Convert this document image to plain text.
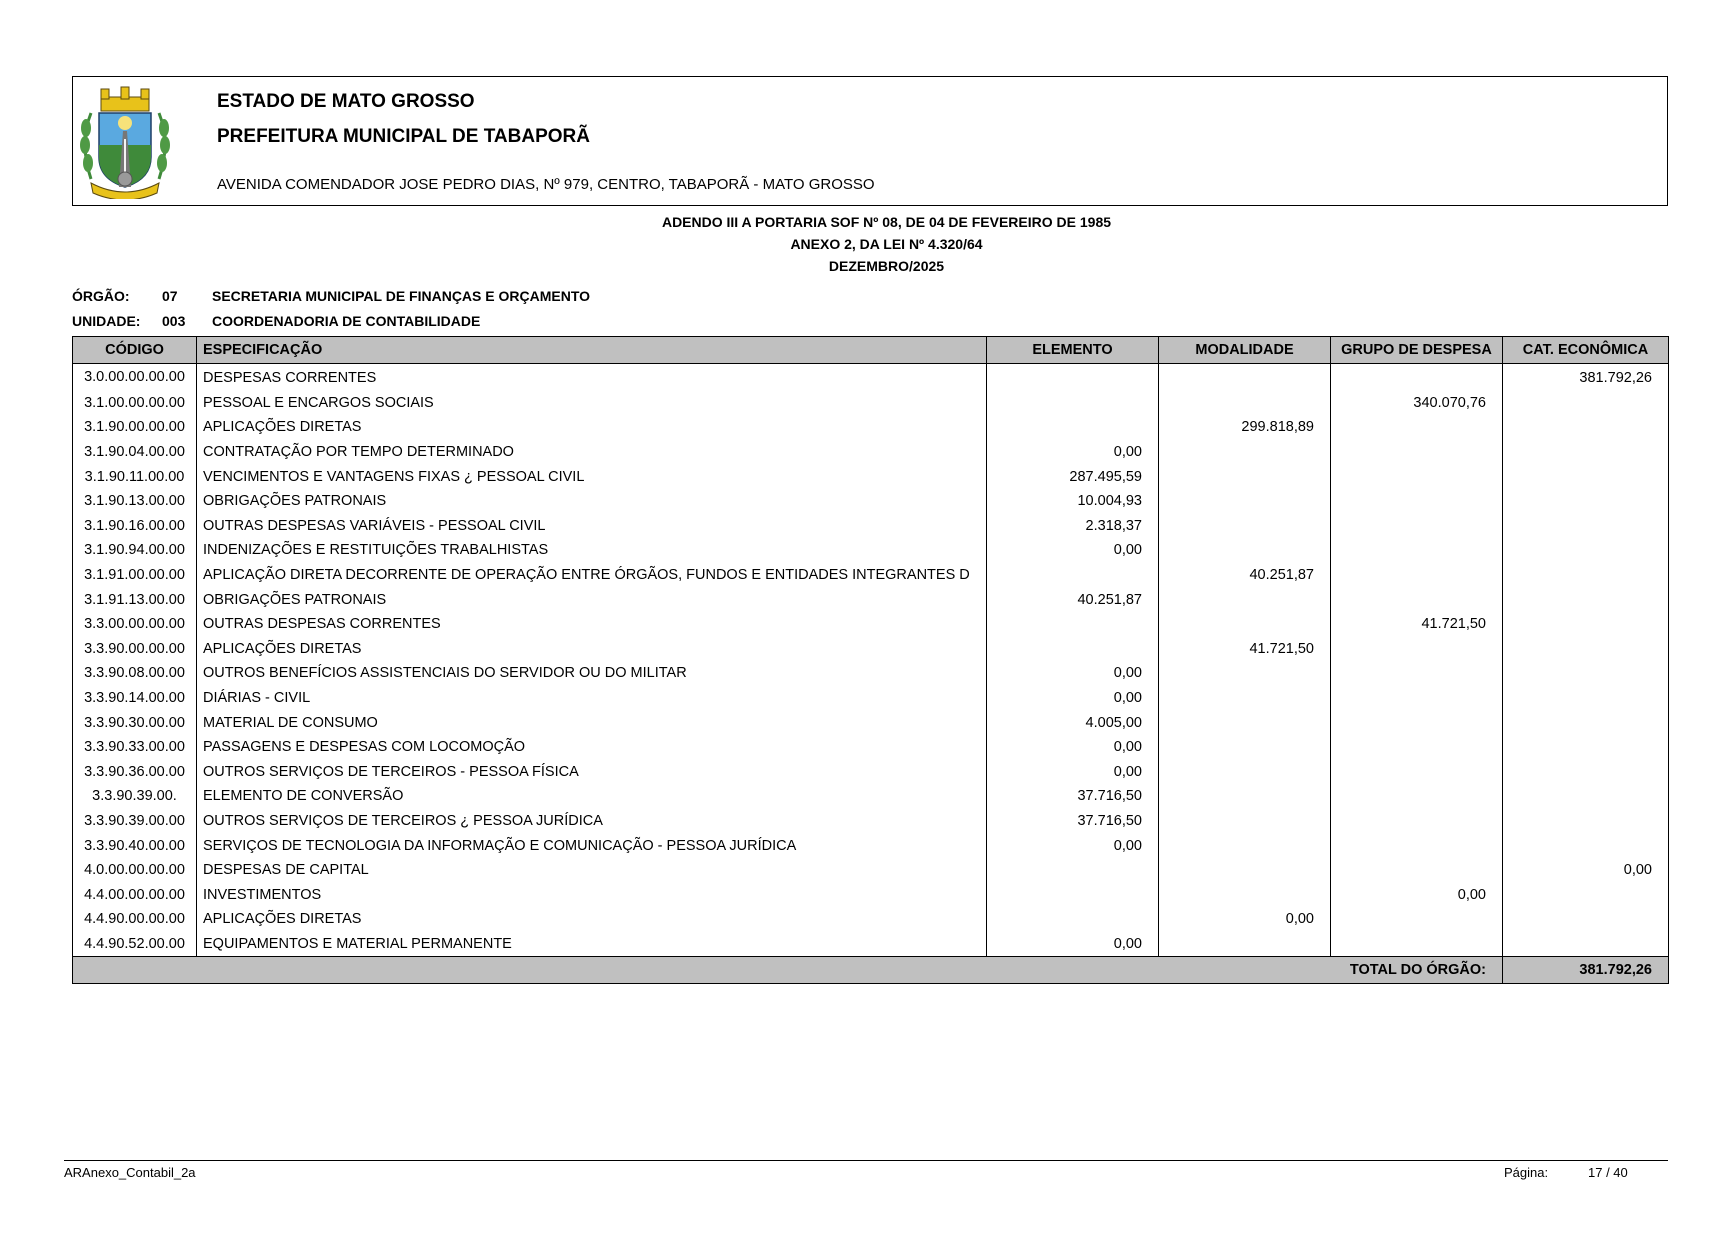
ESTADO DE MATO GROSSO
PREFEITURA MUNICIPAL DE TABAPORÃ
AVENIDA COMENDADOR JOSE PEDRO DIAS, Nº 979, CENTRO, TABAPORÃ - MATO GROSSO
ADENDO III A PORTARIA SOF Nº 08, DE 04 DE FEVEREIRO DE 1985
ANEXO 2, DA LEI Nº 4.320/64
DEZEMBRO/2025
ÓRGÃO: 07 SECRETARIA MUNICIPAL DE FINANÇAS E ORÇAMENTO
UNIDADE: 003 COORDENADORIA DE CONTABILIDADE
CÓDIGO	ESPECIFICAÇÃO	ELEMENTO	MODALIDADE	GRUPO DE DESPESA	CAT. ECONÔMICA
3.0.00.00.00.00	DESPESAS CORRENTES				381.792,26
3.1.00.00.00.00	PESSOAL E ENCARGOS SOCIAIS			340.070,76	
3.1.90.00.00.00	APLICAÇÕES DIRETAS		299.818,89		
3.1.90.04.00.00	CONTRATAÇÃO POR TEMPO DETERMINADO	0,00			
3.1.90.11.00.00	VENCIMENTOS E VANTAGENS FIXAS ¿ PESSOAL CIVIL	287.495,59			
3.1.90.13.00.00	OBRIGAÇÕES PATRONAIS	10.004,93			
3.1.90.16.00.00	OUTRAS DESPESAS VARIÁVEIS - PESSOAL CIVIL	2.318,37			
3.1.90.94.00.00	INDENIZAÇÕES E RESTITUIÇÕES TRABALHISTAS	0,00			
3.1.91.00.00.00	APLICAÇÃO DIRETA DECORRENTE DE OPERAÇÃO ENTRE ÓRGÃOS, FUNDOS E ENTIDADES INTEGRANTES D		40.251,87		
3.1.91.13.00.00	OBRIGAÇÕES PATRONAIS	40.251,87			
3.3.00.00.00.00	OUTRAS DESPESAS CORRENTES			41.721,50	
3.3.90.00.00.00	APLICAÇÕES DIRETAS		41.721,50		
3.3.90.08.00.00	OUTROS BENEFÍCIOS ASSISTENCIAIS DO SERVIDOR OU DO MILITAR	0,00			
3.3.90.14.00.00	DIÁRIAS - CIVIL	0,00			
3.3.90.30.00.00	MATERIAL DE CONSUMO	4.005,00			
3.3.90.33.00.00	PASSAGENS E DESPESAS COM LOCOMOÇÃO	0,00			
3.3.90.36.00.00	OUTROS SERVIÇOS DE TERCEIROS - PESSOA FÍSICA	0,00			
3.3.90.39.00.	ELEMENTO DE CONVERSÃO	37.716,50			
3.3.90.39.00.00	OUTROS SERVIÇOS DE TERCEIROS ¿ PESSOA JURÍDICA	37.716,50			
3.3.90.40.00.00	SERVIÇOS DE TECNOLOGIA DA INFORMAÇÃO E COMUNICAÇÃO - PESSOA JURÍDICA	0,00			
4.0.00.00.00.00	DESPESAS DE CAPITAL				0,00
4.4.00.00.00.00	INVESTIMENTOS			0,00	
4.4.90.00.00.00	APLICAÇÕES DIRETAS		0,00		
4.4.90.52.00.00	EQUIPAMENTOS E MATERIAL PERMANENTE	0,00			
TOTAL DO ÓRGÃO:					381.792,26
ARAnexo_Contabil_2a	Página:	17 / 40
